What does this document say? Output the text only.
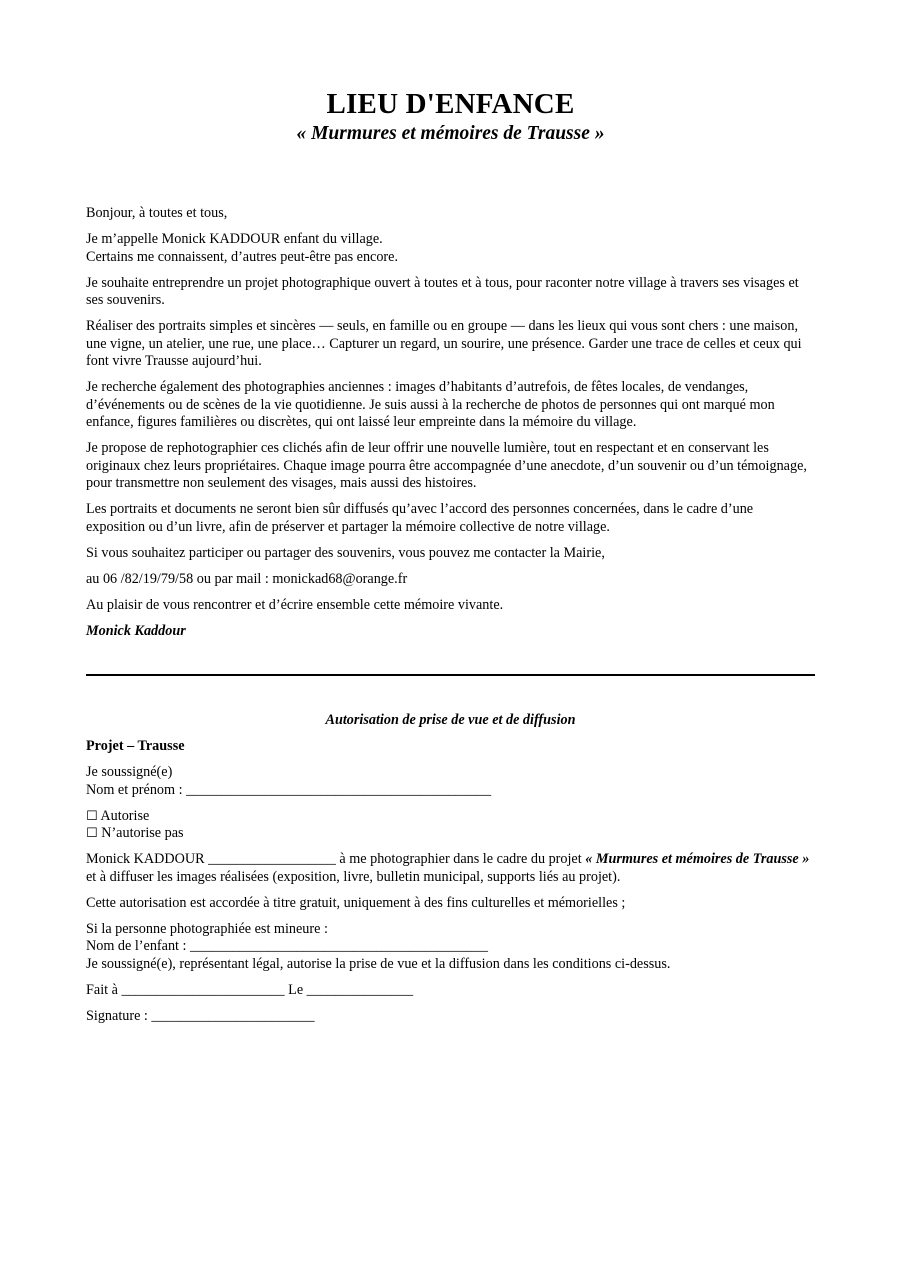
LIEU D'ENFANCE
« Murmures et mémoires de Trausse »

Bonjour, à toutes et tous,

Je m’appelle Monick KADDOUR enfant du village.
Certains me connaissent, d’autres peut-être pas encore.

Je souhaite entreprendre un projet photographique ouvert à toutes et à tous, pour raconter notre village à travers ses visages et ses souvenirs.

Réaliser des portraits simples et sincères — seuls, en famille ou en groupe — dans les lieux qui vous sont chers : une maison, une vigne, un atelier, une rue, une place… Capturer un regard, un sourire, une présence. Garder une trace de celles et ceux qui font vivre Trausse aujourd’hui.

Je recherche également des photographies anciennes : images d’habitants d’autrefois, de fêtes locales, de vendanges, d’événements ou de scènes de la vie quotidienne. Je suis aussi à la recherche de photos de personnes qui ont marqué mon enfance, figures familières ou discrètes, qui ont laissé leur empreinte dans la mémoire du village.

Je propose de rephotographier ces clichés afin de leur offrir une nouvelle lumière, tout en respectant et en conservant les originaux chez leurs propriétaires. Chaque image pourra être accompagnée d’une anecdote, d’un souvenir ou d’un témoignage, pour transmettre non seulement des visages, mais aussi des histoires.

Les portraits et documents ne seront bien sûr diffusés qu’avec l’accord des personnes concernées, dans le cadre d’une exposition ou d’un livre, afin de préserver et partager la mémoire collective de notre village.

Si vous souhaitez participer ou partager des souvenirs, vous pouvez me contacter la Mairie,

au 06 /82/19/79/58 ou par mail : monickad68@orange.fr

Au plaisir de vous rencontrer et d’écrire ensemble cette mémoire vivante.

Monick Kaddour

Autorisation de prise de vue et de diffusion

Projet – Trausse

Je soussigné(e)
Nom et prénom : ___________________________________________

☐ Autorise
☐ N’autorise pas

Monick KADDOUR __________________ à me photographier dans le cadre du projet « Murmures et mémoires de Trausse » et à diffuser les images réalisées (exposition, livre, bulletin municipal, supports liés au projet).

Cette autorisation est accordée à titre gratuit, uniquement à des fins culturelles et mémorielles ;

Si la personne photographiée est mineure :
Nom de l’enfant : __________________________________________
Je soussigné(e), représentant légal, autorise la prise de vue et la diffusion dans les conditions ci-dessus.

Fait à _______________________ Le _______________

Signature : _______________________
